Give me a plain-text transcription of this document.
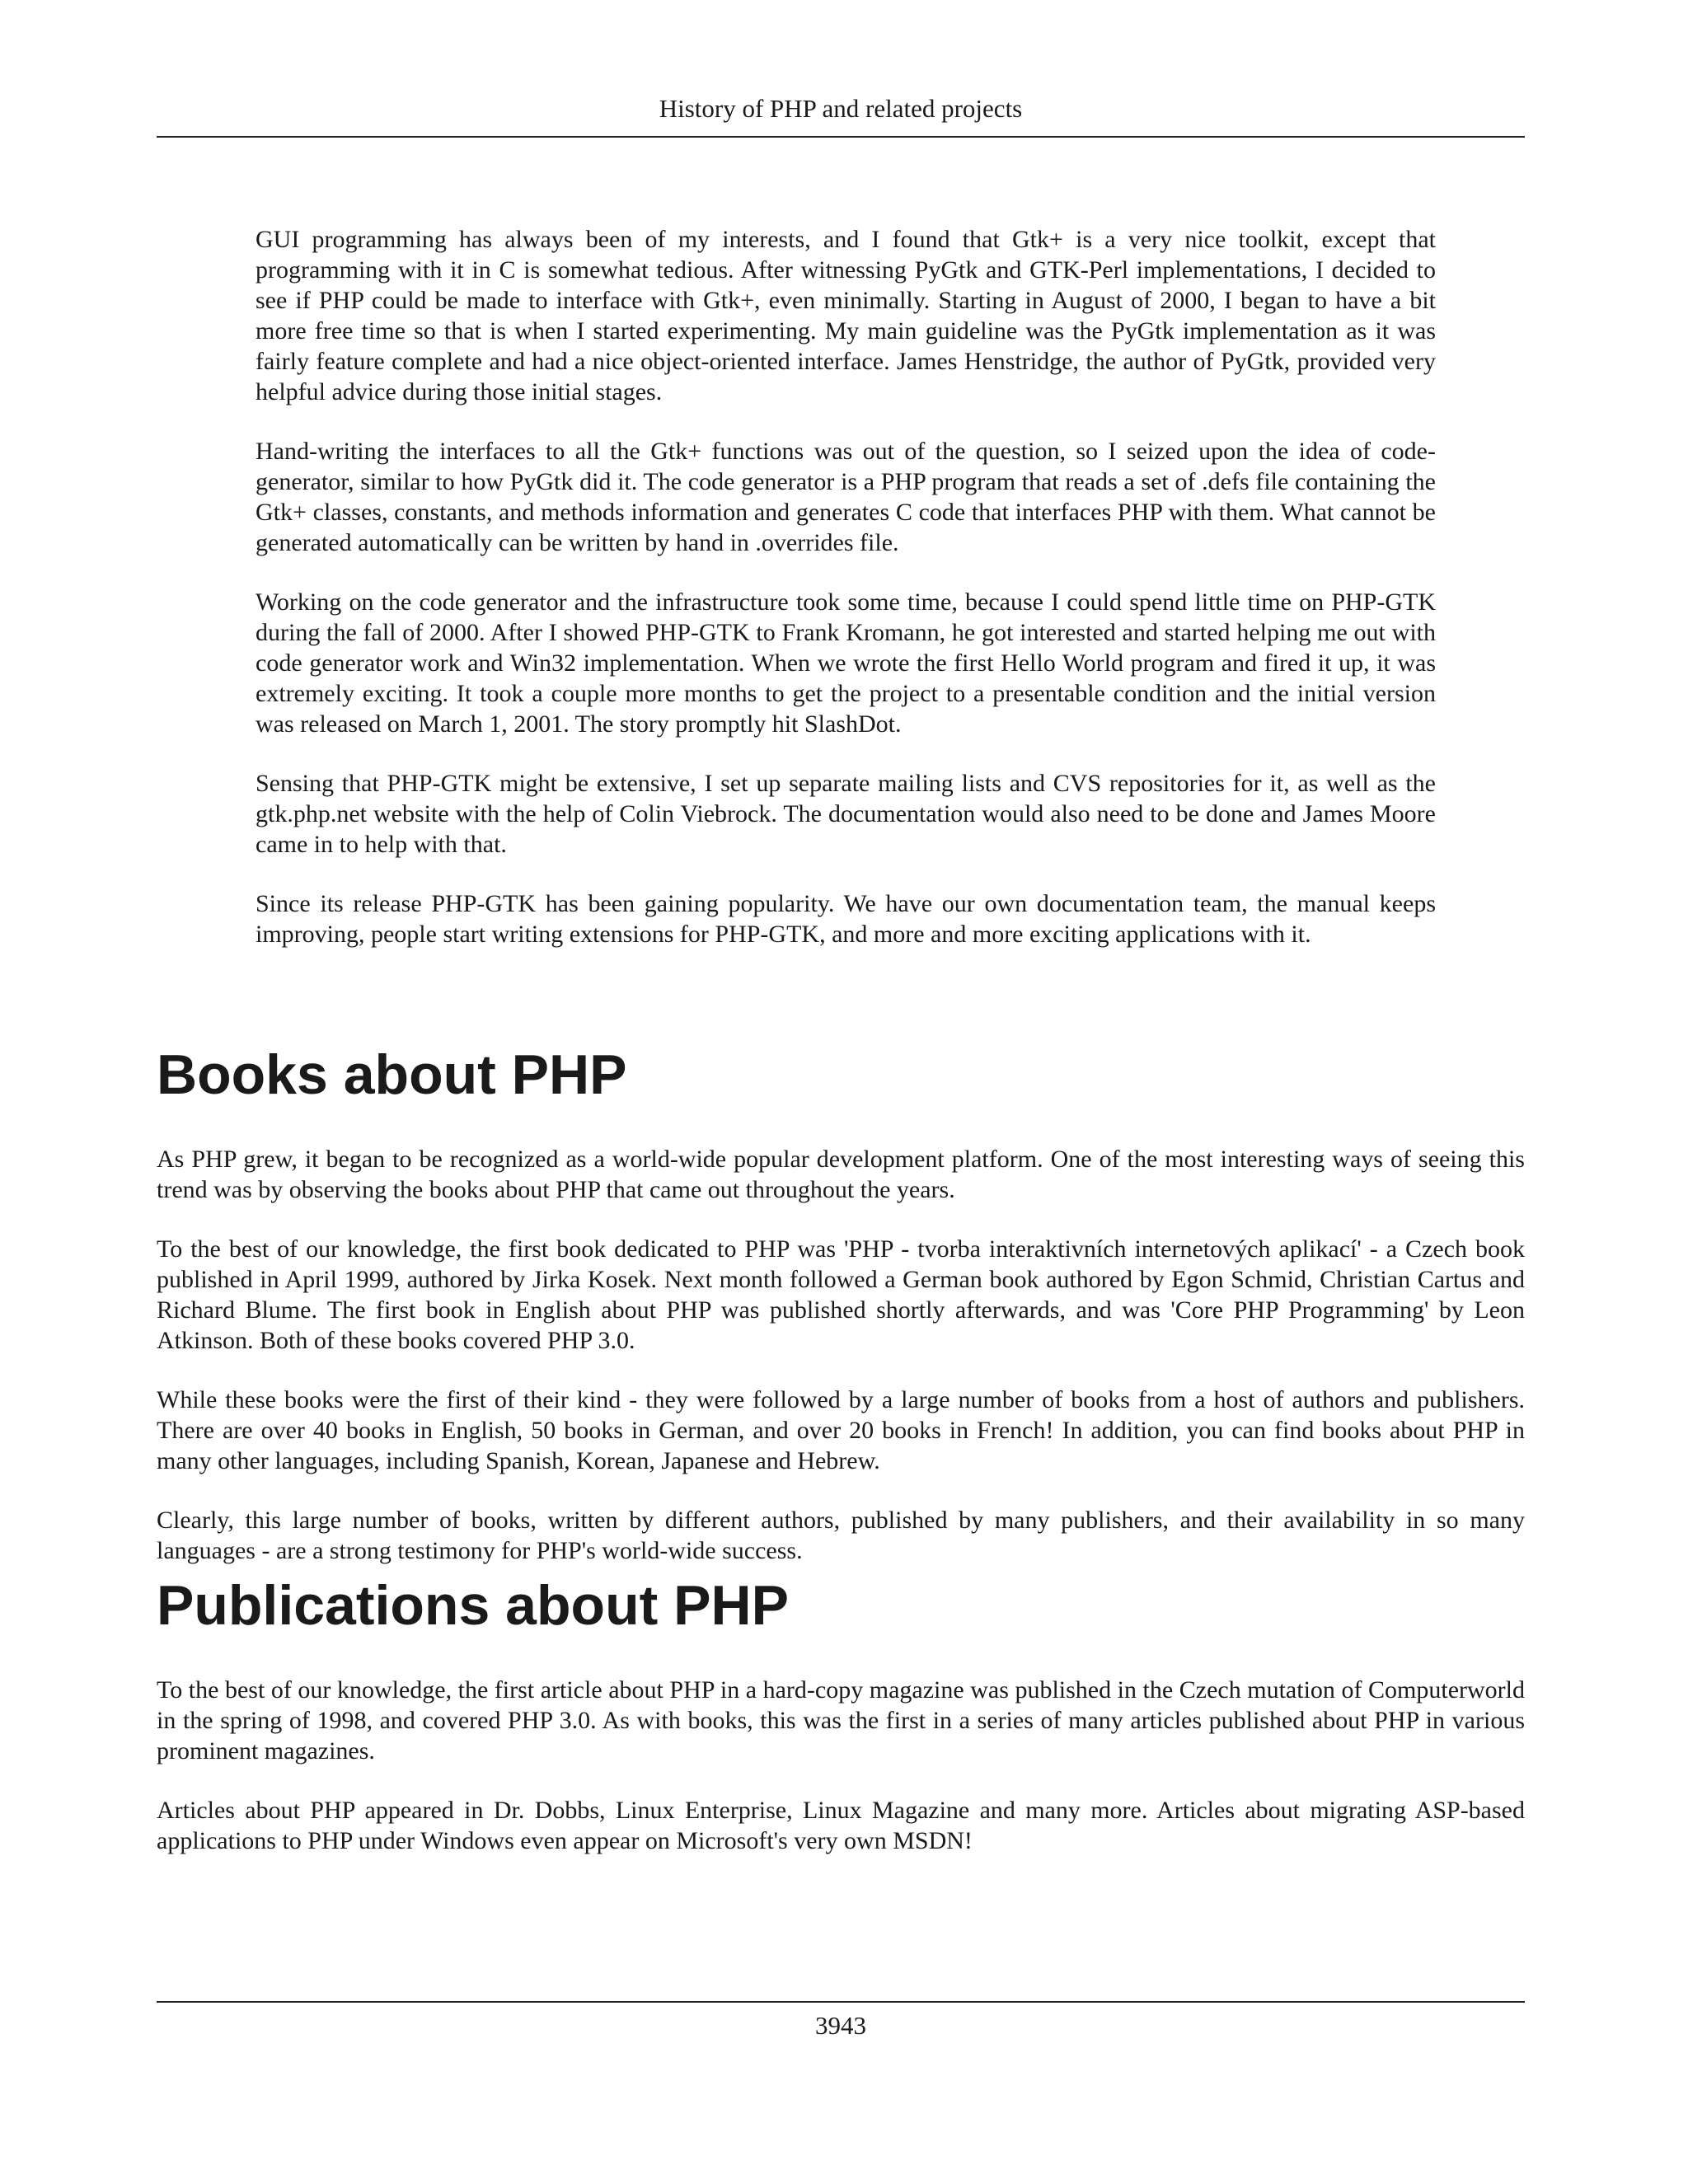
History of PHP and related projects

GUI programming has always been of my interests, and I found that Gtk+ is a very nice toolkit, except that programming with it in C is somewhat tedious. After witnessing PyGtk and GTK-Perl implementations, I decided to see if PHP could be made to interface with Gtk+, even minimally. Starting in August of 2000, I began to have a bit more free time so that is when I started experimenting. My main guideline was the PyGtk implementation as it was fairly feature complete and had a nice object-oriented interface. James Henstridge, the author of PyGtk, provided very helpful advice during those initial stages.

Hand-writing the interfaces to all the Gtk+ functions was out of the question, so I seized upon the idea of code-generator, similar to how PyGtk did it. The code generator is a PHP program that reads a set of .defs file containing the Gtk+ classes, constants, and methods information and generates C code that interfaces PHP with them. What cannot be generated automatically can be written by hand in .overrides file.

Working on the code generator and the infrastructure took some time, because I could spend little time on PHP-GTK during the fall of 2000. After I showed PHP-GTK to Frank Kromann, he got interested and started helping me out with code generator work and Win32 implementation. When we wrote the first Hello World program and fired it up, it was extremely exciting. It took a couple more months to get the project to a presentable condition and the initial version was released on March 1, 2001. The story promptly hit SlashDot.

Sensing that PHP-GTK might be extensive, I set up separate mailing lists and CVS repositories for it, as well as the gtk.php.net website with the help of Colin Viebrock. The documentation would also need to be done and James Moore came in to help with that.

Since its release PHP-GTK has been gaining popularity. We have our own documentation team, the manual keeps improving, people start writing extensions for PHP-GTK, and more and more exciting applications with it.

Books about PHP

As PHP grew, it began to be recognized as a world-wide popular development platform. One of the most interesting ways of seeing this trend was by observing the books about PHP that came out throughout the years.

To the best of our knowledge, the first book dedicated to PHP was 'PHP - tvorba interaktivních internetových aplikací' - a Czech book published in April 1999, authored by Jirka Kosek. Next month followed a German book authored by Egon Schmid, Christian Cartus and Richard Blume. The first book in English about PHP was published shortly afterwards, and was 'Core PHP Programming' by Leon Atkinson. Both of these books covered PHP 3.0.

While these books were the first of their kind - they were followed by a large number of books from a host of authors and publishers. There are over 40 books in English, 50 books in German, and over 20 books in French! In addition, you can find books about PHP in many other languages, including Spanish, Korean, Japanese and Hebrew.

Clearly, this large number of books, written by different authors, published by many publishers, and their availability in so many languages - are a strong testimony for PHP's world-wide success.

Publications about PHP

To the best of our knowledge, the first article about PHP in a hard-copy magazine was published in the Czech mutation of Computerworld in the spring of 1998, and covered PHP 3.0. As with books, this was the first in a series of many articles published about PHP in various prominent magazines.

Articles about PHP appeared in Dr. Dobbs, Linux Enterprise, Linux Magazine and many more. Articles about migrating ASP-based applications to PHP under Windows even appear on Microsoft's very own MSDN!

3943
